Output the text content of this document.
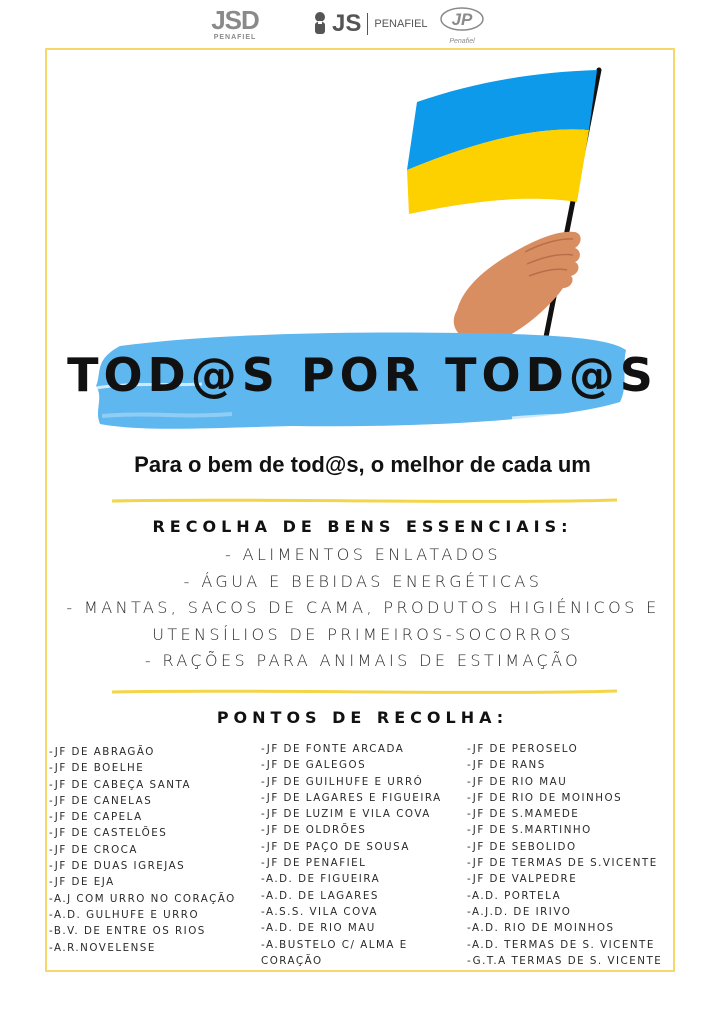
JSD
PENAFIEL
JS PENAFIEL JP
Penafiel
TOD@S POR TOD@S
Para o bem de tod@s, o melhor de cada um
RECOLHA DE BENS ESSENCIAIS:
- ALIMENTOS ENLATADOS
- ÁGUA E BEBIDAS ENERGÉTICAS
- MANTAS, SACOS DE CAMA, PRODUTOS HIGIÉNICOS E
UTENSÍLIOS DE PRIMEIROS-SOCORROS
- RAÇÕES PARA ANIMAIS DE ESTIMAÇÃO
PONTOS DE RECOLHA:
-JF DE ABRAGÃO
-JF DE BOELHE
-JF DE CABEÇA SANTA
-JF DE CANELAS
-JF DE CAPELA
-JF DE CASTELÕES
-JF DE CROCA
-JF DE DUAS IGREJAS
-JF DE EJA
-A.J COM URRO NO CORAÇÃO
-A.D. GULHUFE E URRO
-B.V. DE ENTRE OS RIOS
-A.R.NOVELENSE
-JF DE FONTE ARCADA
-JF DE GALEGOS
-JF DE GUILHUFE E URRÓ
-JF DE LAGARES E FIGUEIRA
-JF DE LUZIM E VILA COVA
-JF DE OLDRÕES
-JF DE PAÇO DE SOUSA
-JF DE PENAFIEL
-A.D. DE FIGUEIRA
-A.D. DE LAGARES
-A.S.S. VILA COVA
-A.D. DE RIO MAU
-A.BUSTELO C/ ALMA E CORAÇÃO
-JF DE PEROSELO
-JF DE RANS
-JF DE RIO MAU
-JF DE RIO DE MOINHOS
-JF DE S.MAMEDE
-JF DE S.MARTINHO
-JF DE SEBOLIDO
-JF DE TERMAS DE S.VICENTE
-JF DE VALPEDRE
-A.D. PORTELA
-A.J.D. DE IRIVO
-A.D. RIO DE MOINHOS
-A.D. TERMAS DE S. VICENTE
-G.T.A TERMAS DE S. VICENTE
